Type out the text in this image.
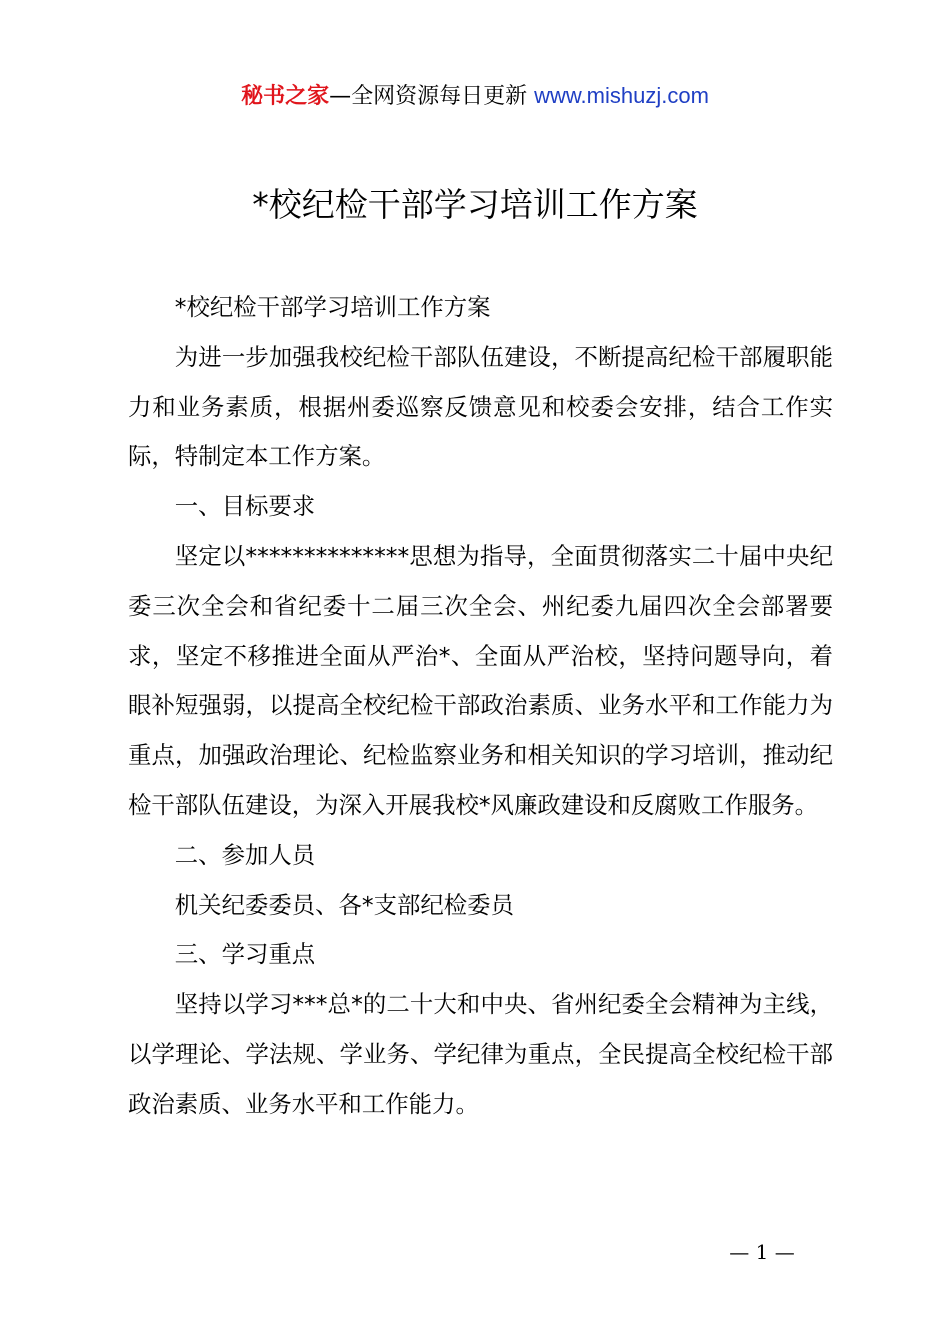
秘书之家—全网资源每日更新 www.mishuzj.com
*校纪检干部学习培训工作方案

*校纪检干部学习培训工作方案

为进一步加强我校纪检干部队伍建设，不断提高纪检干部履职能力和业务素质，根据州委巡察反馈意见和校委会安排，结合工作实际，特制定本工作方案。

一、目标要求

坚定以**************思想为指导，全面贯彻落实二十届中央纪委三次全会和省纪委十二届三次全会、州纪委九届四次全会部署要求，坚定不移推进全面从严治*、全面从严治校，坚持问题导向，着眼补短强弱，以提高全校纪检干部政治素质、业务水平和工作能力为重点，加强政治理论、纪检监察业务和相关知识的学习培训，推动纪检干部队伍建设，为深入开展我校*风廉政建设和反腐败工作服务。

二、参加人员

机关纪委委员、各*支部纪检委员

三、学习重点

坚持以学习***总*的二十大和中央、省州纪委全会精神为主线，以学理论、学法规、学业务、学纪律为重点，全民提高全校纪检干部政治素质、业务水平和工作能力。

— 1 —
